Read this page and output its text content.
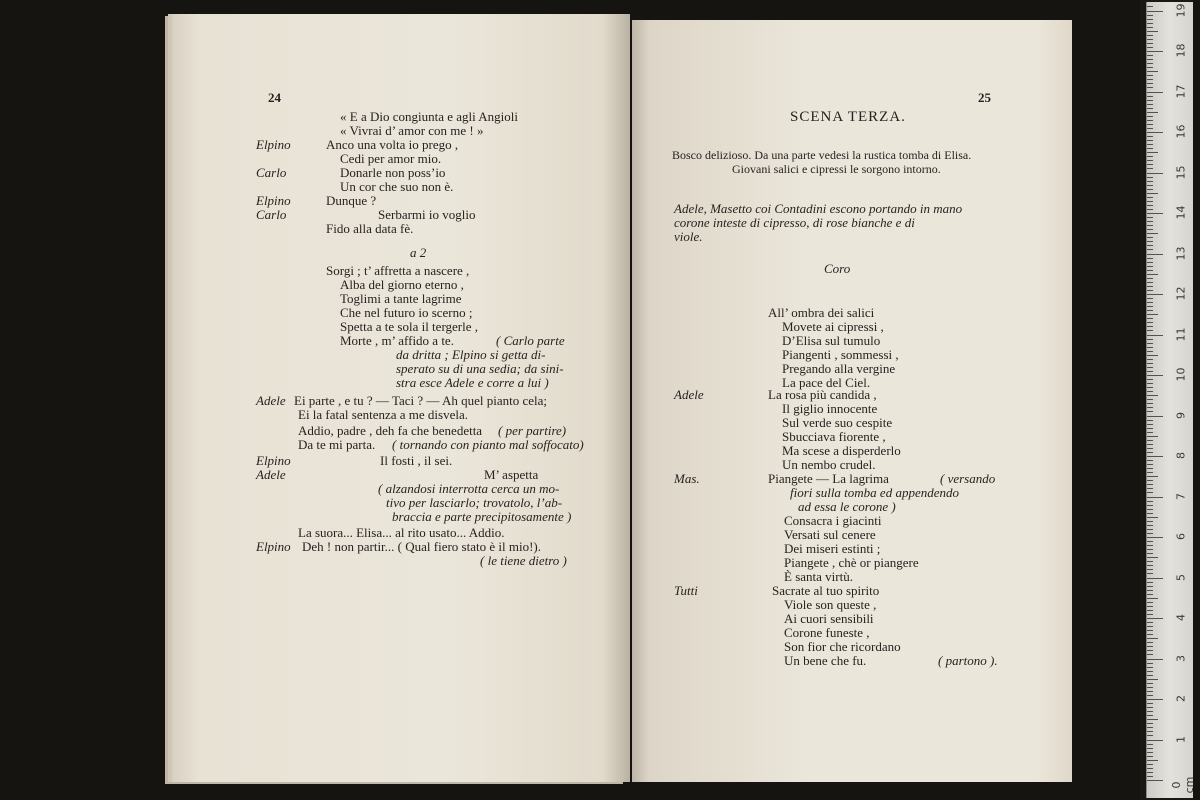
24
« E a Dio congiunta e agli Angioli
« Vivrai d’ amor con me ! »
Elpino	Anco una volta io prego ,
Cedi per amor mio.
Carlo	Donarle non poss’io
Un cor che suo non è.
Elpino	Dunque ?
Carlo	Serbarmi io voglio
Fido alla data fè.
a 2
Sorgi ; t’ affretta a nascere ,
Alba del giorno eterno ,
Toglimi a tante lagrime
Che nel futuro io scerno ;
Spetta a te sola il tergerle ,
Morte , m’ affido a te.	( Carlo parte
da dritta ; Elpino si getta di-
sperato su di una sedia; da sini-
stra esce Adele e corre a lui )
Adele Ei parte , e tu ? — Taci ? — Ah quel pianto cela;
Ei la fatal sentenza a me disvela.
Addio, padre , deh fa che benedetta ( per partire)
Da te mi parta. ( tornando con pianto mal soffocato)
Elpino	Il fosti , il sei.
Adele	M’ aspetta
( alzandosi interrotta cerca un mo-
tivo per lasciarlo; trovatolo, l’ab-
braccia e parte precipitosamente )
La suora... Elisa... al rito usato... Addio.
Elpino Deh ! non partir... ( Qual fiero stato è il mio!).
( le tiene dietro )
25
SCENA TERZA.
Bosco delizioso. Da una parte vedesi la rustica tomba di Elisa.
Giovani salici e cipressi le sorgono intorno.
Adele, Masetto coi Contadini escono portando in mano
corone inteste di cipresso, di rose bianche e di
viole.
Coro
All’ ombra dei salici
Movete ai cipressi ,
D’Elisa sul tumulo
Piangenti , sommessi ,
Pregando alla vergine
La pace del Ciel.
Adele	La rosa più candida ,
Il giglio innocente
Sul verde suo cespite
Sbucciava fiorente ,
Ma scese a disperderlo
Un nembo crudel.
Mas.	Piangete — La lagrima	( versando
fiori sulla tomba ed appendendo
ad essa le corone )
Consacra i giacinti
Versati sul cenere
Dei miseri estinti ;
Piangete , chè or piangere
È santa virtù.
Tutti	Sacrate al tuo spirito
Viole son queste ,
Ai cuori sensibili
Corone funeste ,
Son fior che ricordano
Un bene che fu.	( partono ).
0 cm
1
2
3
4
5
6
7
8
9
10
11
12
13
14
15
16
17
18
19
